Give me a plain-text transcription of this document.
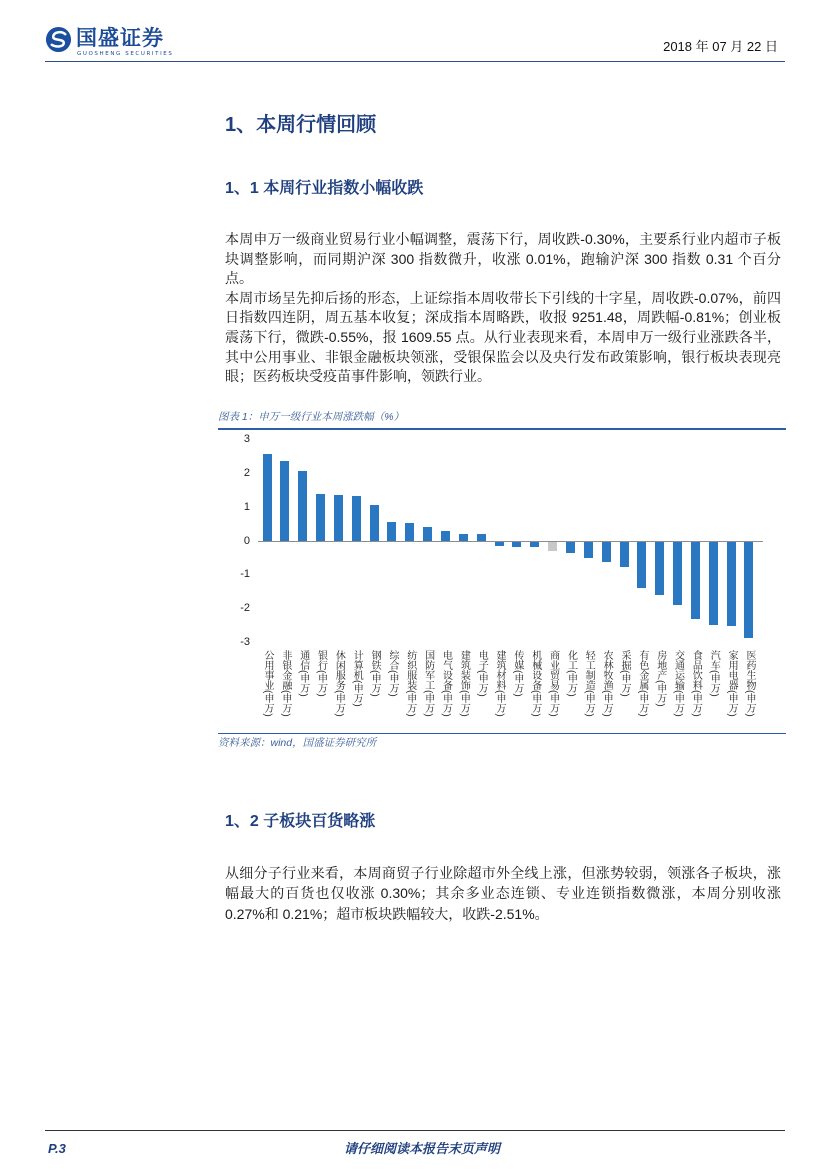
国盛证券
GUOSHENG SECURITIES	2018 年 07 月 22 日
1、本周行情回顾
1、1 本周行业指数小幅收跌

本周申万一级商业贸易行业小幅调整，震荡下行，周收跌-0.30%，主要系行业内超市子板块调整影响，而同期沪深 300 指数微升，收涨 0.01%，跑输沪深 300 指数 0.31 个百分点。

本周市场呈先抑后扬的形态，上证综指本周收带长下引线的十字星，周收跌-0.07%，前四日指数四连阴，周五基本收复；深成指本周略跌，收报 9251.48，周跌幅-0.81%；创业板震荡下行，微跌-0.55%，报 1609.55 点。从行业表现来看，本周申万一级行业涨跌各半，其中公用事业、非银金融板块领涨，受银保监会以及央行发布政策影响，银行板块表现亮眼；医药板块受疫苗事件影响，领跌行业。

图表 1：申万一级行业本周涨跌幅（%）
3
2
1
0
-1
-2
-3
公用事业(申万) 非银金融(申万) 通信(申万) 银行(申万) 休闲服务(申万) 计算机(申万) 钢铁(申万) 综合(申万) 纺织服装(申万) 国防军工(申万) 电气设备(申万) 建筑装饰(申万) 电子(申万) 建筑材料(申万) 传媒(申万) 机械设备(申万) 商业贸易(申万) 化工(申万) 轻工制造(申万) 农林牧渔(申万) 采掘(申万) 有色金属(申万) 房地产(申万) 交通运输(申万) 食品饮料(申万) 汽车(申万) 家用电器(申万) 医药生物(申万)
资料来源：wind，国盛证券研究所
1、2 子板块百货略涨

从细分子行业来看，本周商贸子行业除超市外全线上涨，但涨势较弱，领涨各子板块，涨幅最大的百货也仅收涨 0.30%；其余多业态连锁、专业连锁指数微涨，本周分别收涨 0.27%和 0.21%；超市板块跌幅较大，收跌-2.51%。

P.3	请仔细阅读本报告末页声明
